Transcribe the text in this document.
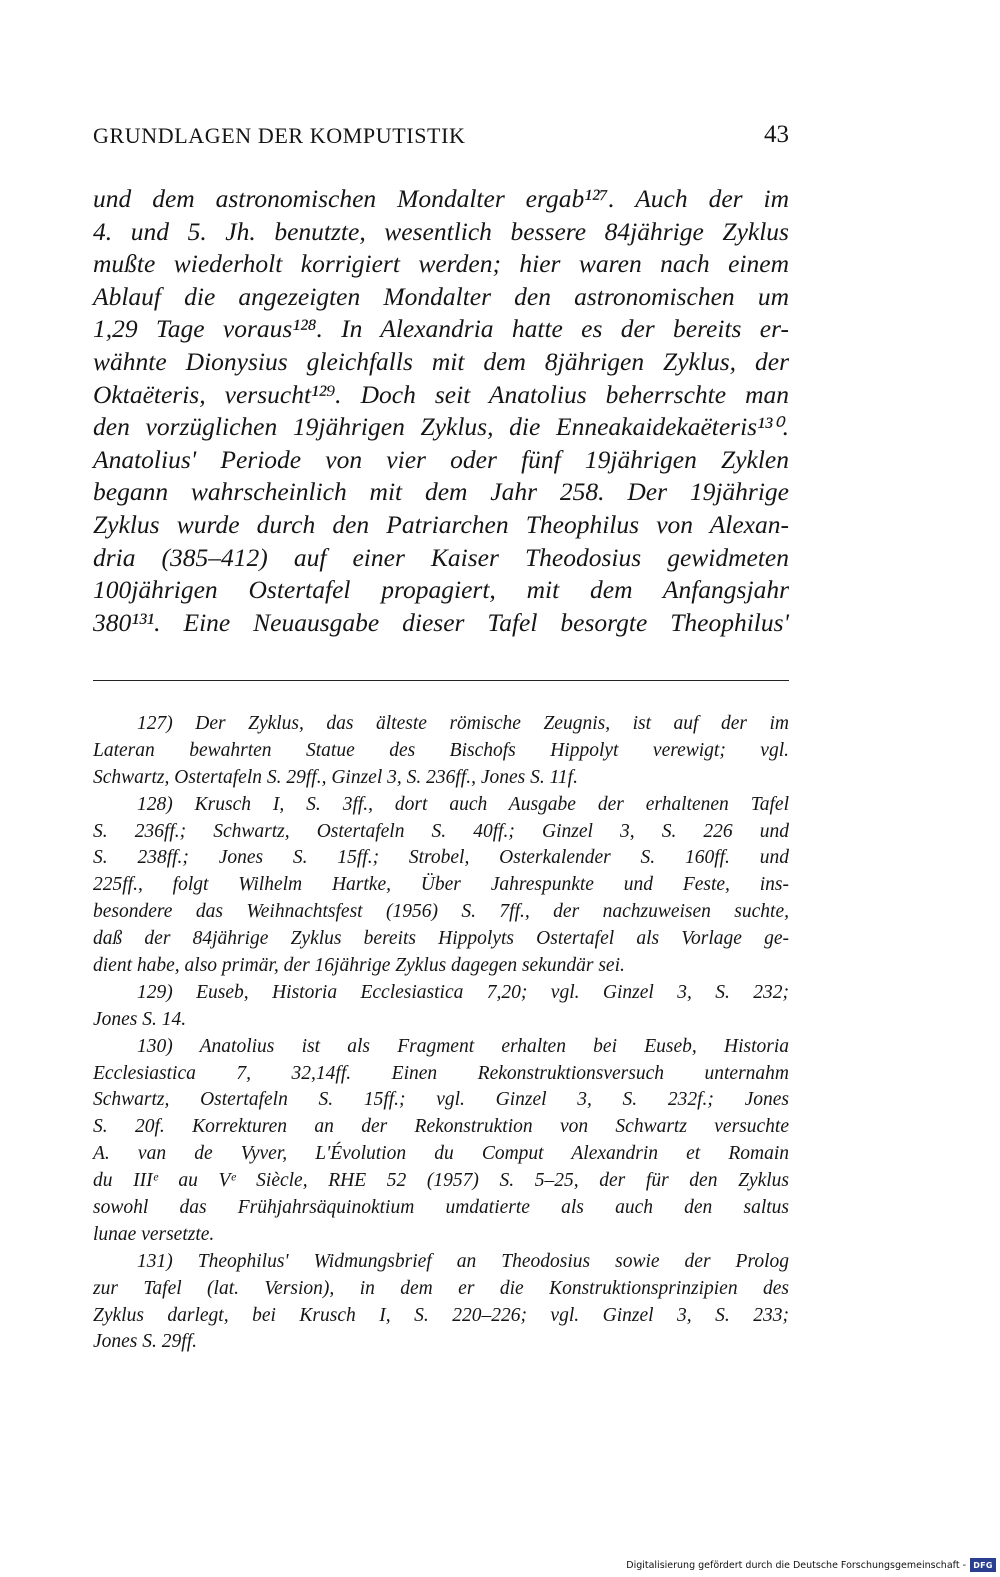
GRUNDLAGEN DER KOMPUTISTIK	43
und dem astronomischen Mondalter ergab¹²⁷. Auch der im
4. und 5. Jh. benutzte, wesentlich bessere 84jährige Zyklus
mußte wiederholt korrigiert werden; hier waren nach einem
Ablauf die angezeigten Mondalter den astronomischen um
1,29 Tage voraus¹²⁸. In Alexandria hatte es der bereits er-
wähnte Dionysius gleichfalls mit dem 8jährigen Zyklus, der
Oktaëteris, versucht¹²⁹. Doch seit Anatolius beherrschte man
den vorzüglichen 19jährigen Zyklus, die Enneakaidekaëteris¹³⁰.
Anatolius' Periode von vier oder fünf 19jährigen Zyklen
begann wahrscheinlich mit dem Jahr 258. Der 19jährige
Zyklus wurde durch den Patriarchen Theophilus von Alexan-
dria (385–412) auf einer Kaiser Theodosius gewidmeten
100jährigen Ostertafel propagiert, mit dem Anfangsjahr
380¹³¹. Eine Neuausgabe dieser Tafel besorgte Theophilus'
127) Der Zyklus, das älteste römische Zeugnis, ist auf der im
Lateran bewahrten Statue des Bischofs Hippolyt verewigt; vgl.
Schwartz, Ostertafeln S. 29ff., Ginzel 3, S. 236ff., Jones S. 11f.
128) Krusch I, S. 3ff., dort auch Ausgabe der erhaltenen Tafel
S. 236ff.; Schwartz, Ostertafeln S. 40ff.; Ginzel 3, S. 226 und
S. 238ff.; Jones S. 15ff.; Strobel, Osterkalender S. 160ff. und
225ff., folgt Wilhelm Hartke, Über Jahrespunkte und Feste, ins-
besondere das Weihnachtsfest (1956) S. 7ff., der nachzuweisen suchte,
daß der 84jährige Zyklus bereits Hippolyts Ostertafel als Vorlage ge-
dient habe, also primär, der 16jährige Zyklus dagegen sekundär sei.
129) Euseb, Historia Ecclesiastica 7,20; vgl. Ginzel 3, S. 232;
Jones S. 14.
130) Anatolius ist als Fragment erhalten bei Euseb, Historia
Ecclesiastica 7, 32,14ff. Einen Rekonstruktionsversuch unternahm
Schwartz, Ostertafeln S. 15ff.; vgl. Ginzel 3, S. 232f.; Jones
S. 20f. Korrekturen an der Rekonstruktion von Schwartz versuchte
A. van de Vyver, L'Évolution du Comput Alexandrin et Romain
du IIIᵉ au Vᵉ Siècle, RHE 52 (1957) S. 5–25, der für den Zyklus
sowohl das Frühjahrsäquinoktium umdatierte als auch den saltus
lunae versetzte.
131) Theophilus' Widmungsbrief an Theodosius sowie der Prolog
zur Tafel (lat. Version), in dem er die Konstruktionsprinzipien des
Zyklus darlegt, bei Krusch I, S. 220–226; vgl. Ginzel 3, S. 233;
Jones S. 29ff.
Digitalisierung gefördert durch die Deutsche Forschungsgemeinschaft - DFG
